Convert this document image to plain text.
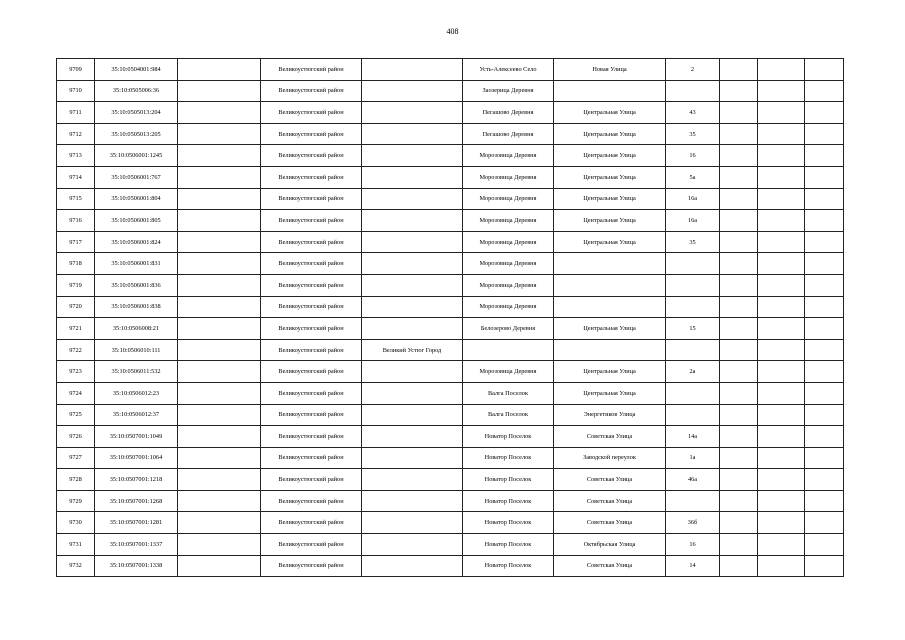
408
9709	35:10:0504001:984		Великоустюгский район		Усть-Алексеево Село	Новая Улица	2			
9710	35:10:0505006:36		Великоустюгский район		Заозерица Деревня					
9711	35:10:0505013:204		Великоустюгский район		Пегашово Деревня	Центральная Улица	43			
9712	35:10:0505013:205		Великоустюгский район		Пегашово Деревня	Центральная Улица	35			
9713	35:10:0506001:1245		Великоустюгский район		Морозовица Деревня	Центральная Улица	16			
9714	35:10:0506001:767		Великоустюгский район		Морозовица Деревня	Центральная Улица	5а			
9715	35:10:0506001:804		Великоустюгский район		Морозовица Деревня	Центральная Улица	16а			
9716	35:10:0506001:805		Великоустюгский район		Морозовица Деревня	Центральная Улица	16а			
9717	35:10:0506001:824		Великоустюгский район		Морозовица Деревня	Центральная Улица	35			
9718	35:10:0506001:831		Великоустюгский район		Морозовица Деревня					
9719	35:10:0506001:836		Великоустюгский район		Морозовица Деревня					
9720	35:10:0506001:838		Великоустюгский район		Морозовица Деревня					
9721	35:10:0506008:21		Великоустюгский район		Белозерово Деревня	Центральная Улица	15			
9722	35:10:0506010:111		Великоустюгский район	Великий Устюг Город						
9723	35:10:0506011:532		Великоустюгский район		Морозовица Деревня	Центральная Улица	2а			
9724	35:10:0506012:23		Великоустюгский район		Валга Поселок	Центральная Улица				
9725	35:10:0506012:37		Великоустюгский район		Валга Поселок	Энергетиков Улица				
9726	35:10:0507001:1049		Великоустюгский район		Новатор Поселок	Советская Улица	14а			
9727	35:10:0507001:1064		Великоустюгский район		Новатор Поселок	Заводской переулок	1а			
9728	35:10:0507001:1218		Великоустюгский район		Новатор Поселок	Советская Улица	46а			
9729	35:10:0507001:1268		Великоустюгский район		Новатор Поселок	Советская Улица				
9730	35:10:0507001:1281		Великоустюгский район		Новатор Поселок	Советская Улица	36б			
9731	35:10:0507001:1337		Великоустюгский район		Новатор Поселок	Октябрьская Улица	16			
9732	35:10:0507001:1338		Великоустюгский район		Новатор Поселок	Советская Улица	14			
